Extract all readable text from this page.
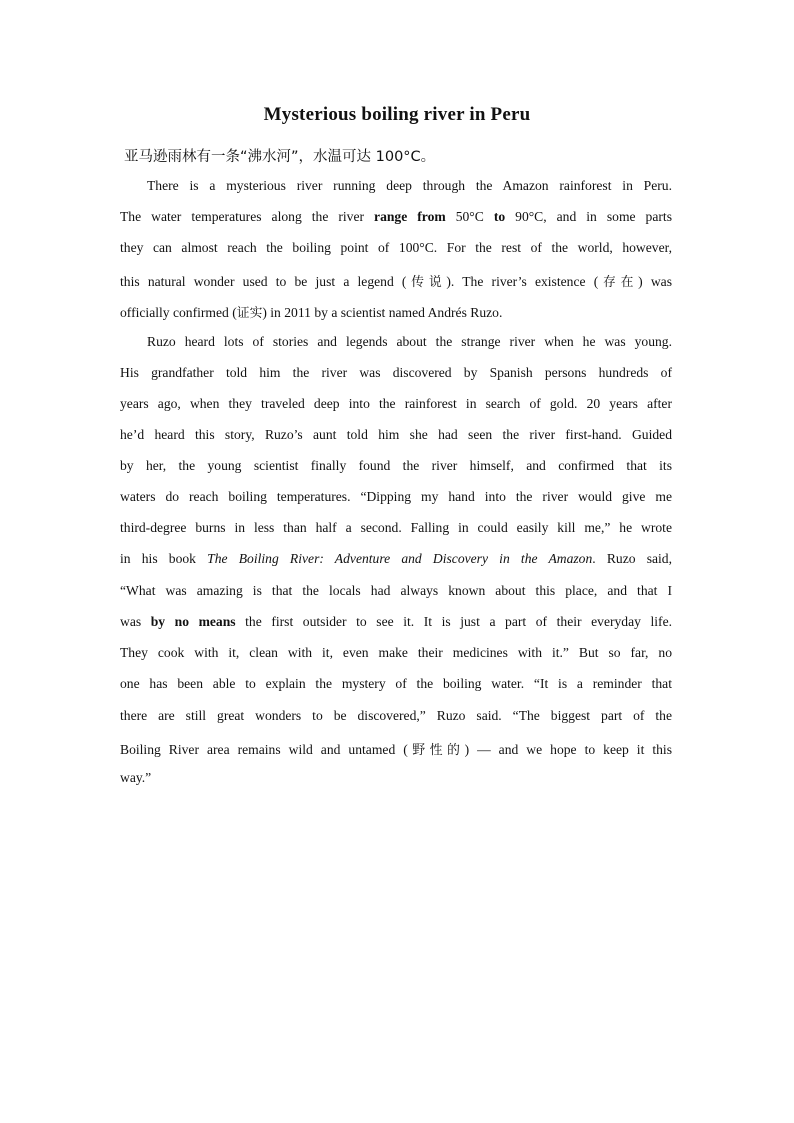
Mysterious boiling river in Peru
亚马逊雨林有一条“沸水河”，水温可达 100°C。
There is a mysterious river running deep through the Amazon rainforest in Peru.
The water temperatures along the river range from 50°C to 90°C, and in some parts
they can almost reach the boiling point of 100°C. For the rest of the world, however,
this natural wonder used to be just a legend (传说). The river’s existence (存在) was
officially confirmed (证实) in 2011 by a scientist named Andrés Ruzo.
Ruzo heard lots of stories and legends about the strange river when he was young.
His grandfather told him the river was discovered by Spanish persons hundreds of
years ago, when they traveled deep into the rainforest in search of gold. 20 years after
he’d heard this story, Ruzo’s aunt told him she had seen the river first-hand. Guided
by her, the young scientist finally found the river himself, and confirmed that its
waters do reach boiling temperatures. “Dipping my hand into the river would give me
third-degree burns in less than half a second. Falling in could easily kill me,” he wrote
in his book The Boiling River: Adventure and Discovery in the Amazon. Ruzo said,
“What was amazing is that the locals had always known about this place, and that I
was by no means the first outsider to see it. It is just a part of their everyday life.
They cook with it, clean with it, even make their medicines with it.” But so far, no
one has been able to explain the mystery of the boiling water. “It is a reminder that
there are still great wonders to be discovered,” Ruzo said. “The biggest part of the
Boiling River area remains wild and untamed (野性的) — and we hope to keep it this
way.”
